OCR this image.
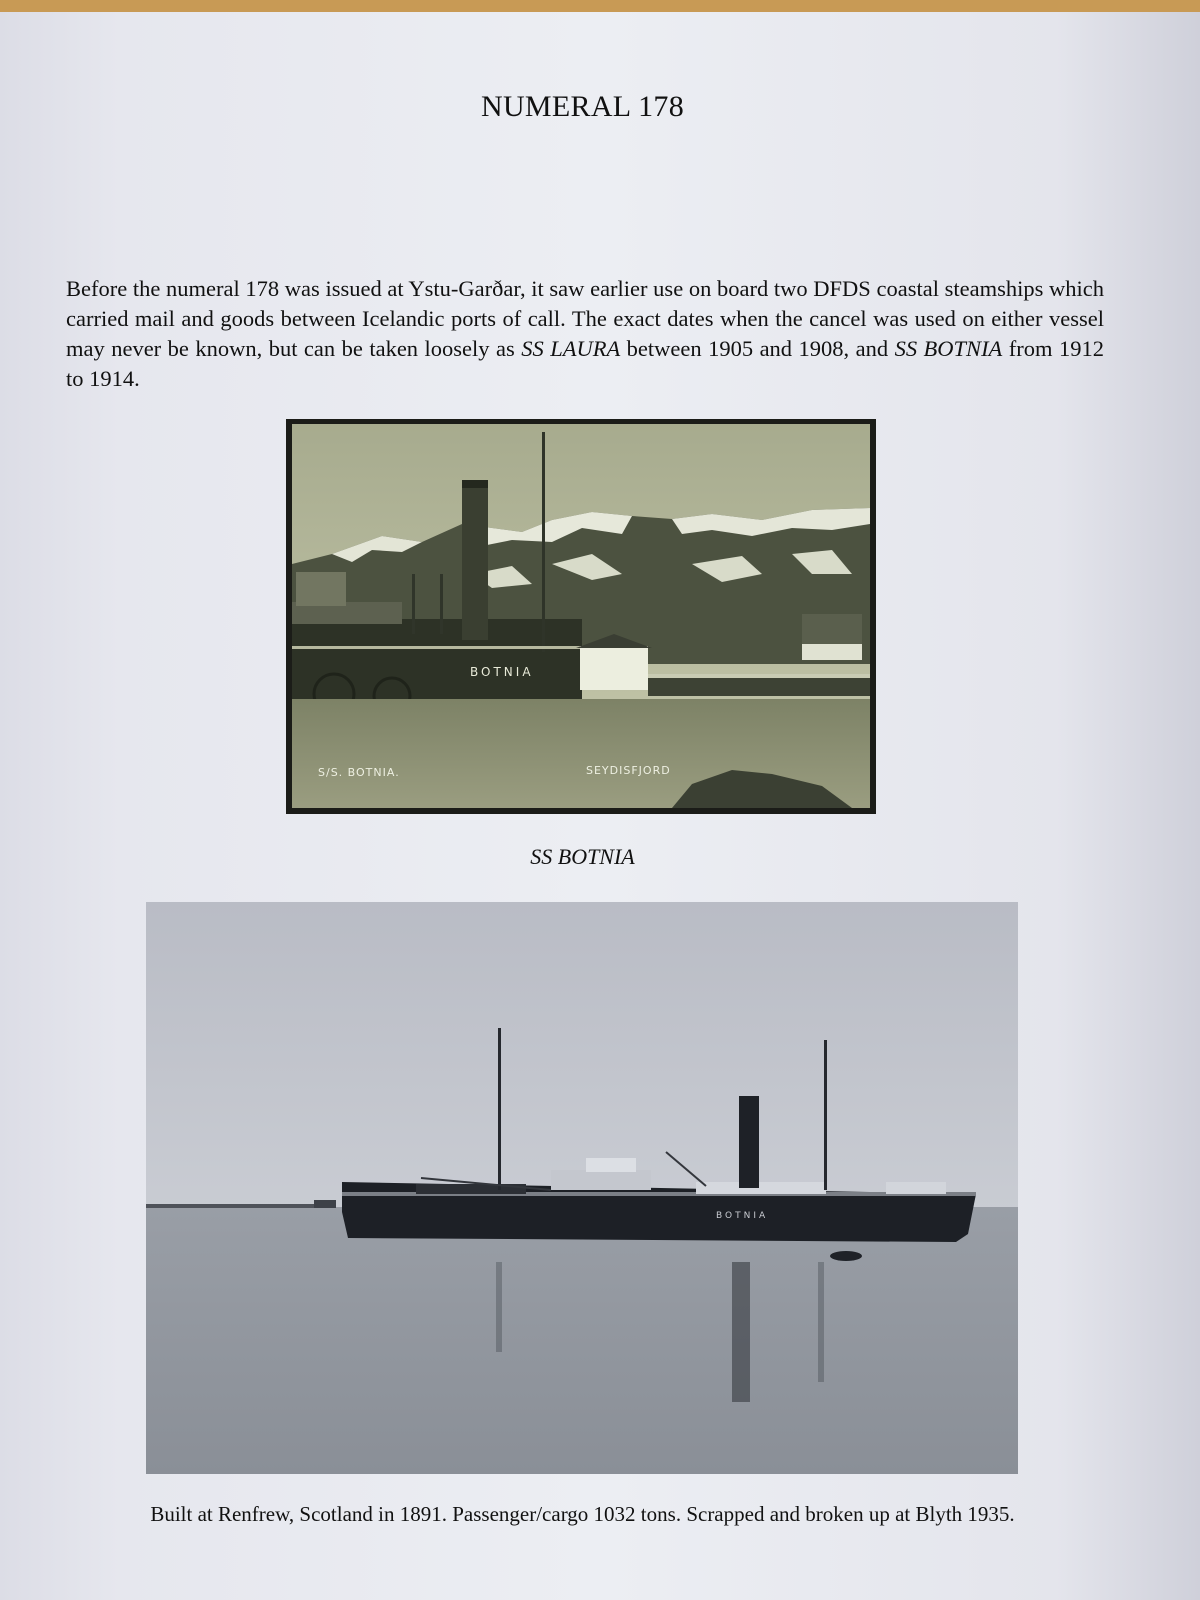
NUMERAL 178

Before the numeral 178 was issued at Ystu-Garðar, it saw earlier use on board two DFDS coastal steamships which carried mail and goods between Icelandic ports of call. The exact dates when the cancel was used on either vessel may never be known, but can be taken loosely as SS LAURA between 1905 and 1908, and SS BOTNIA from 1912 to 1914.

BOTNIA
S/S. BOTNIA.	SEYDISFJORD
SS BOTNIA
BOTNIA
Built at Renfrew, Scotland in 1891. Passenger/cargo 1032 tons. Scrapped and broken up at Blyth 1935.
